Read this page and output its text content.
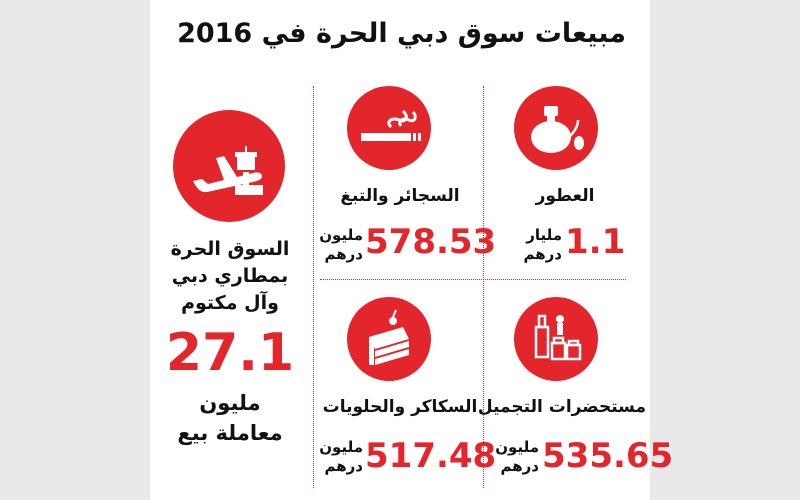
مبيعات سوق دبي الحرة في 2016
السوق الحرة
بمطاري دبي
وآل مكتوم
27.1
مليون
معاملة بيع
العطور
1.1
مليار
درهم
السجائر والتبغ
578.53
مليون
درهم
مستحضرات التجميل
535.65
مليون
درهم
السكاكر والحلويات
517.48
مليون
درهم
